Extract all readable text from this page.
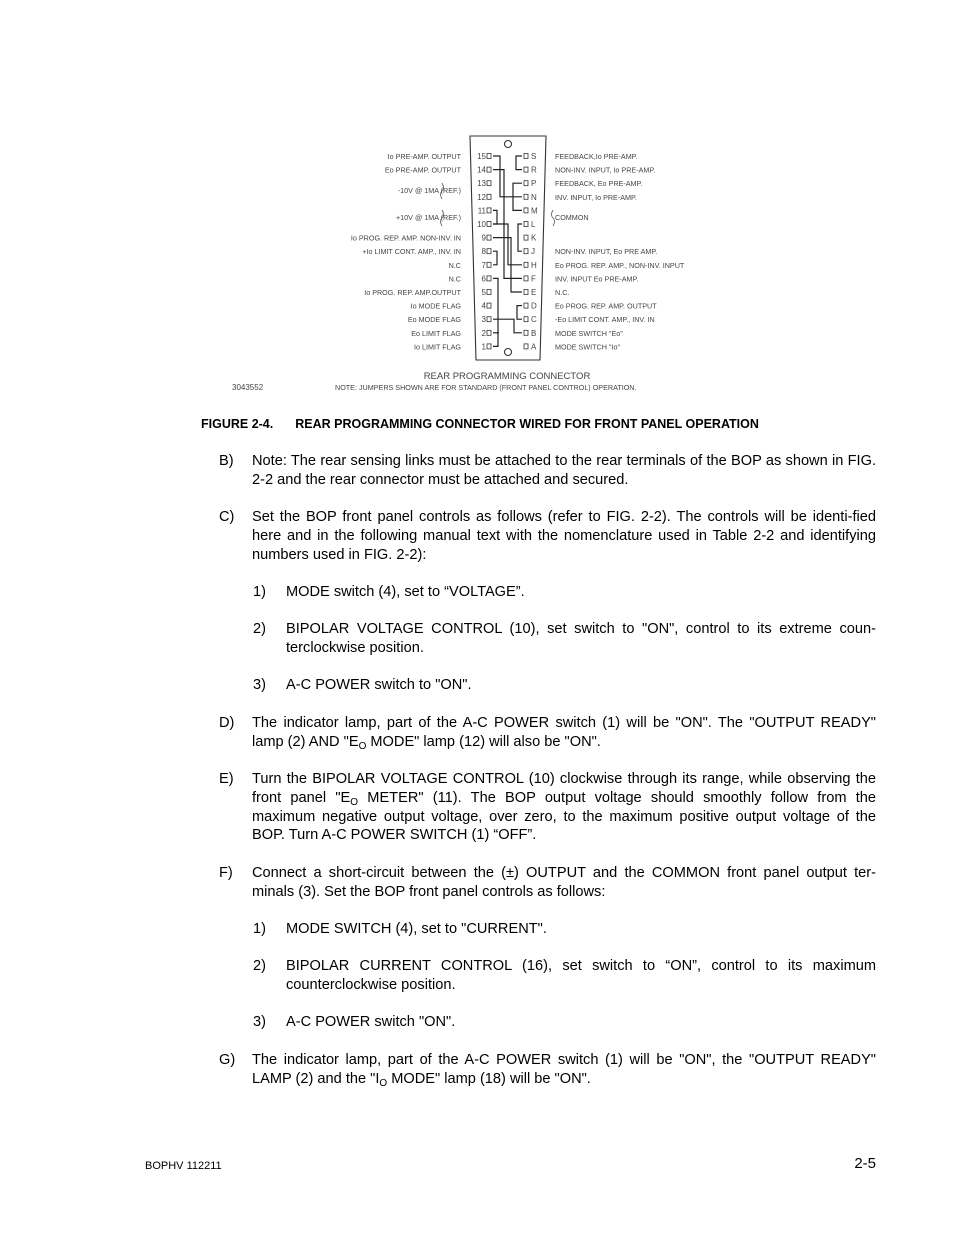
15
14
13
12
11
10
9
8
7
6
5
4
3
2
1
S
R
P
N
M
L
K
J
H
F
E
D
C
B
A
Io PRE-AMP. OUTPUT
Eo PRE-AMP. OUTPUT
-10V @ 1MA (REF.)
+10V @ 1MA (REF.)
Io PROG. REP. AMP. NON-INV. IN
+Io LIMIT CONT. AMP., INV. IN
N.C
N.C
Io PROG. REP. AMP.OUTPUT
Io MODE FLAG
Eo MODE FLAG
Eo LIMIT FLAG
Io LIMIT FLAG
FEEDBACK,Io PRE-AMP.
NON-INV. INPUT, Io PRE-AMP.
FEEDBACK, Eo PRE-AMP.
INV. INPUT, Io PRE-AMP.
COMMON
NON-INV. INPUT, Eo PRE AMP.
Eo PROG. REP. AMP., NON-INV. INPUT
INV. INPUT Eo PRE-AMP.
N.C.
Eo PROG. REP. AMP. OUTPUT
-Eo LIMIT CONT. AMP., INV. IN
MODE SWITCH "Eo"
MODE SWITCH "Io"
3043552
REAR PROGRAMMING CONNECTOR
NOTE: JUMPERS SHOWN ARE FOR STANDARD (FRONT PANEL CONTROL) OPERATION.
FIGURE 2-4. REAR PROGRAMMING CONNECTOR WIRED FOR FRONT PANEL OPERATION
B) Note: The rear sensing links must be attached to the rear terminals of the BOP as shown in FIG. 2-2 and the rear connector must be attached and secured.
C) Set the BOP front panel controls as follows (refer to FIG. 2-2). The controls will be identi-fied here and in the following manual text with the nomenclature used in Table 2-2 and identifying numbers used in FIG. 2-2):
1) MODE switch (4), set to “VOLTAGE”.
2) BIPOLAR VOLTAGE CONTROL (10), set switch to "ON", control to its extreme coun-terclockwise position.
3) A-C POWER switch to "ON".
D) The indicator lamp, part of the A-C POWER switch (1) will be "ON". The "OUTPUT READY" lamp (2) AND "$E_O$ MODE" lamp (12) will also be "ON".
E) Turn the BIPOLAR VOLTAGE CONTROL (10) clockwise through its range, while observing the front panel "$E_O$ METER" (11). The BOP output voltage should smoothly follow from the maximum negative output voltage, over zero, to the maximum positive output voltage of the BOP. Turn A-C POWER SWITCH (1) “OFF”.
F) Connect a short-circuit between the (±) OUTPUT and the COMMON front panel output ter-minals (3). Set the BOP front panel controls as follows:
1) MODE SWITCH (4), set to "CURRENT".
2) BIPOLAR CURRENT CONTROL (16), set switch to “ON”, control to its maximum counterclockwise position.
3) A-C POWER switch "ON".
G) The indicator lamp, part of the A-C POWER switch (1) will be "ON", the "OUTPUT READY" LAMP (2) and the "$I_O$ MODE" lamp (18) will be "ON".
BOPHV 112211	2-5
